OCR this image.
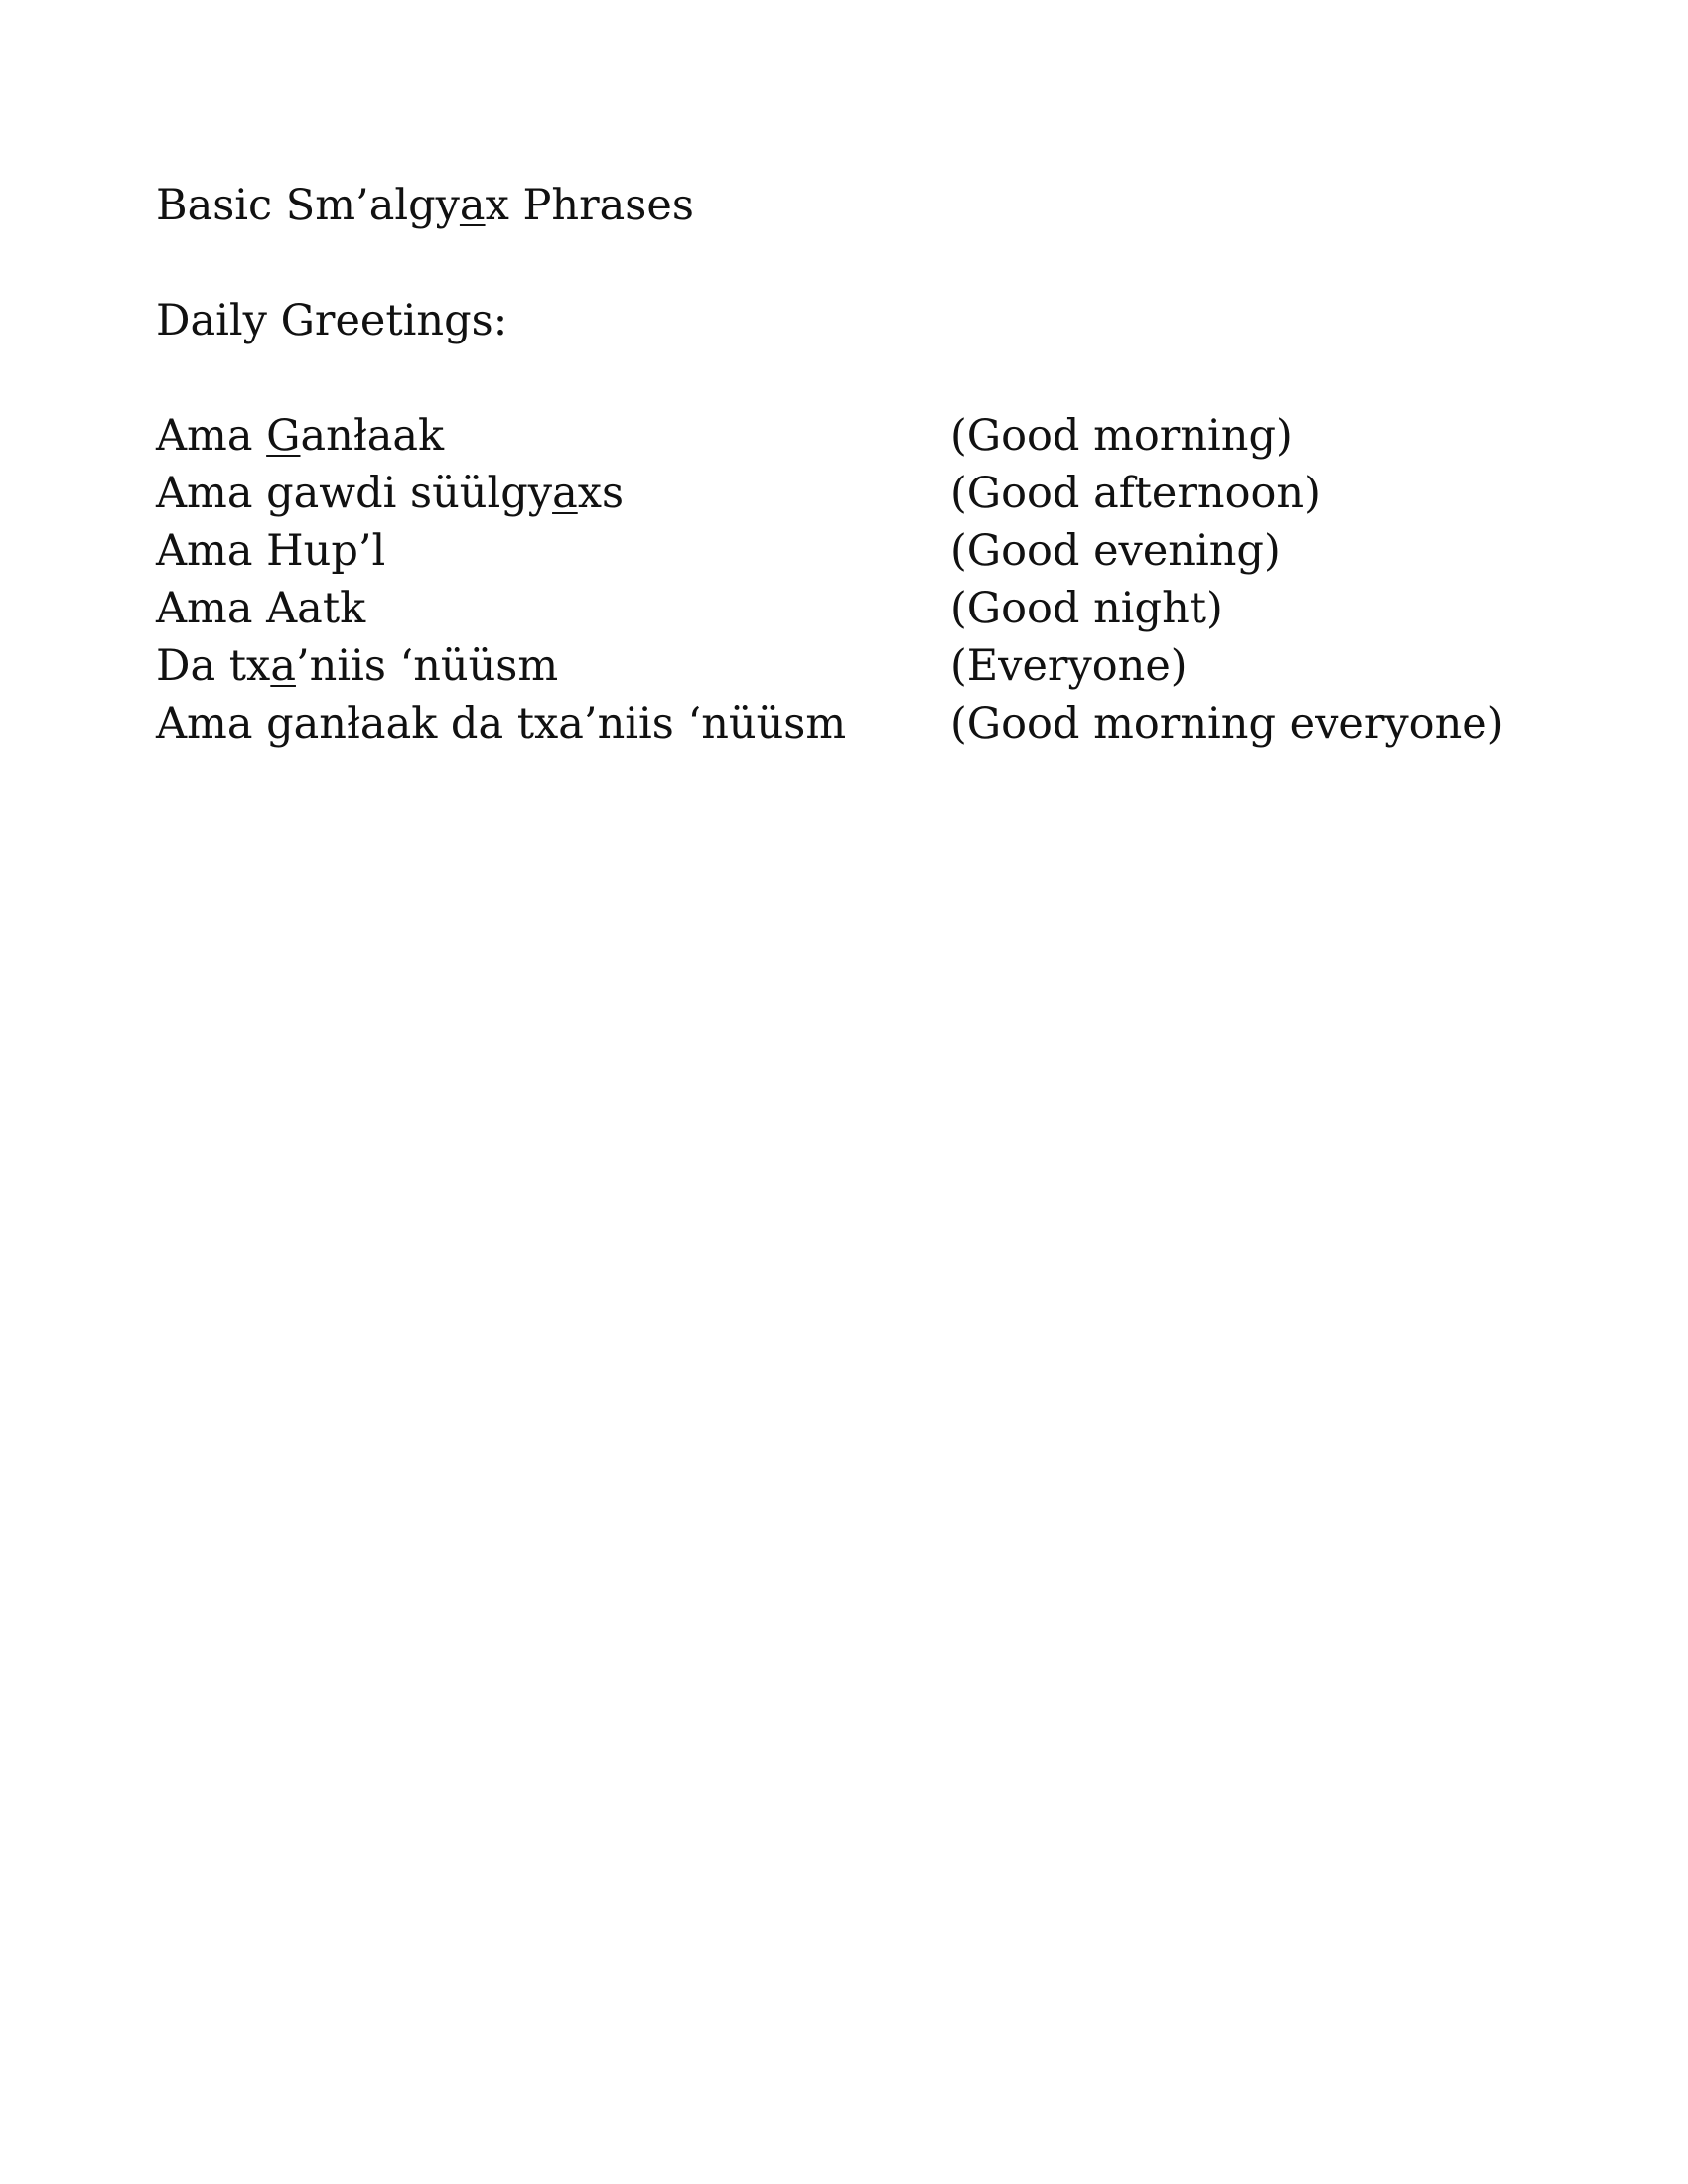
Basic Sm’algyax Phrases
Daily Greetings:
Ama Ganłaak	(Good morning)
Ama gawdi süülgyaxs	(Good afternoon)
Ama Hup’l	(Good evening)
Ama Aatk	(Good night)
Da txa’niis ‘nüüsm	(Everyone)
Ama ganłaak da txa’niis ‘nüüsm (Good morning everyone)
